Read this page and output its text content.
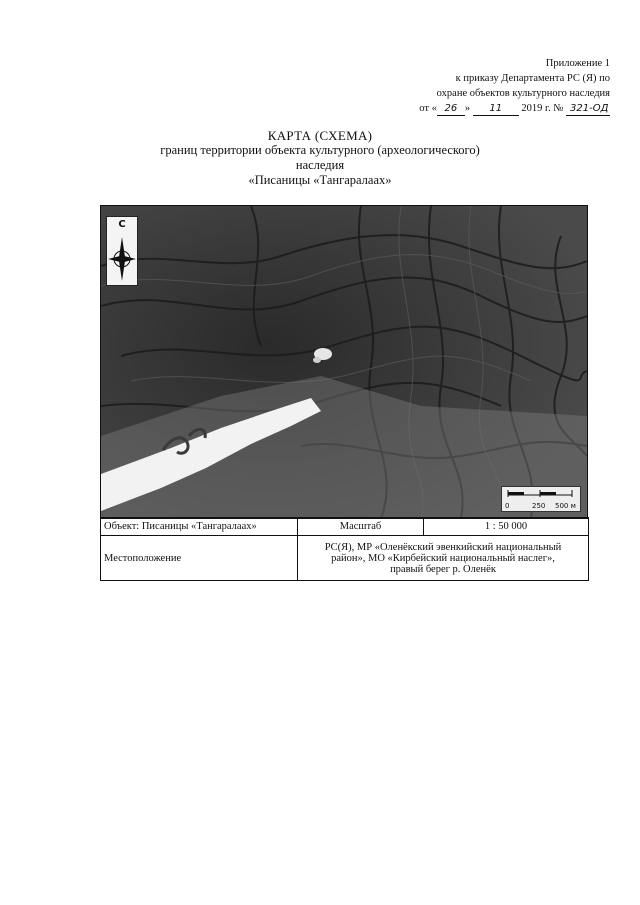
Приложение 1
к приказу Департамента РС (Я) по
охране объектов культурного наследия
от « 26 » 11 2019 г. № 321-ОД
КАРТА (СХЕМА)
границ территории объекта культурного (археологического)
наследия
«Писаницы «Тангаралаах»
С
0	250 500 м
Объект: Писаницы «Тангаралаах»	Масштаб	1 : 50 000
Местоположение	РС(Я), МР «Оленёкский эвенкийский национальный
район», МО «Кирбейский национальный наслег»,
правый берег р. Оленёк	
